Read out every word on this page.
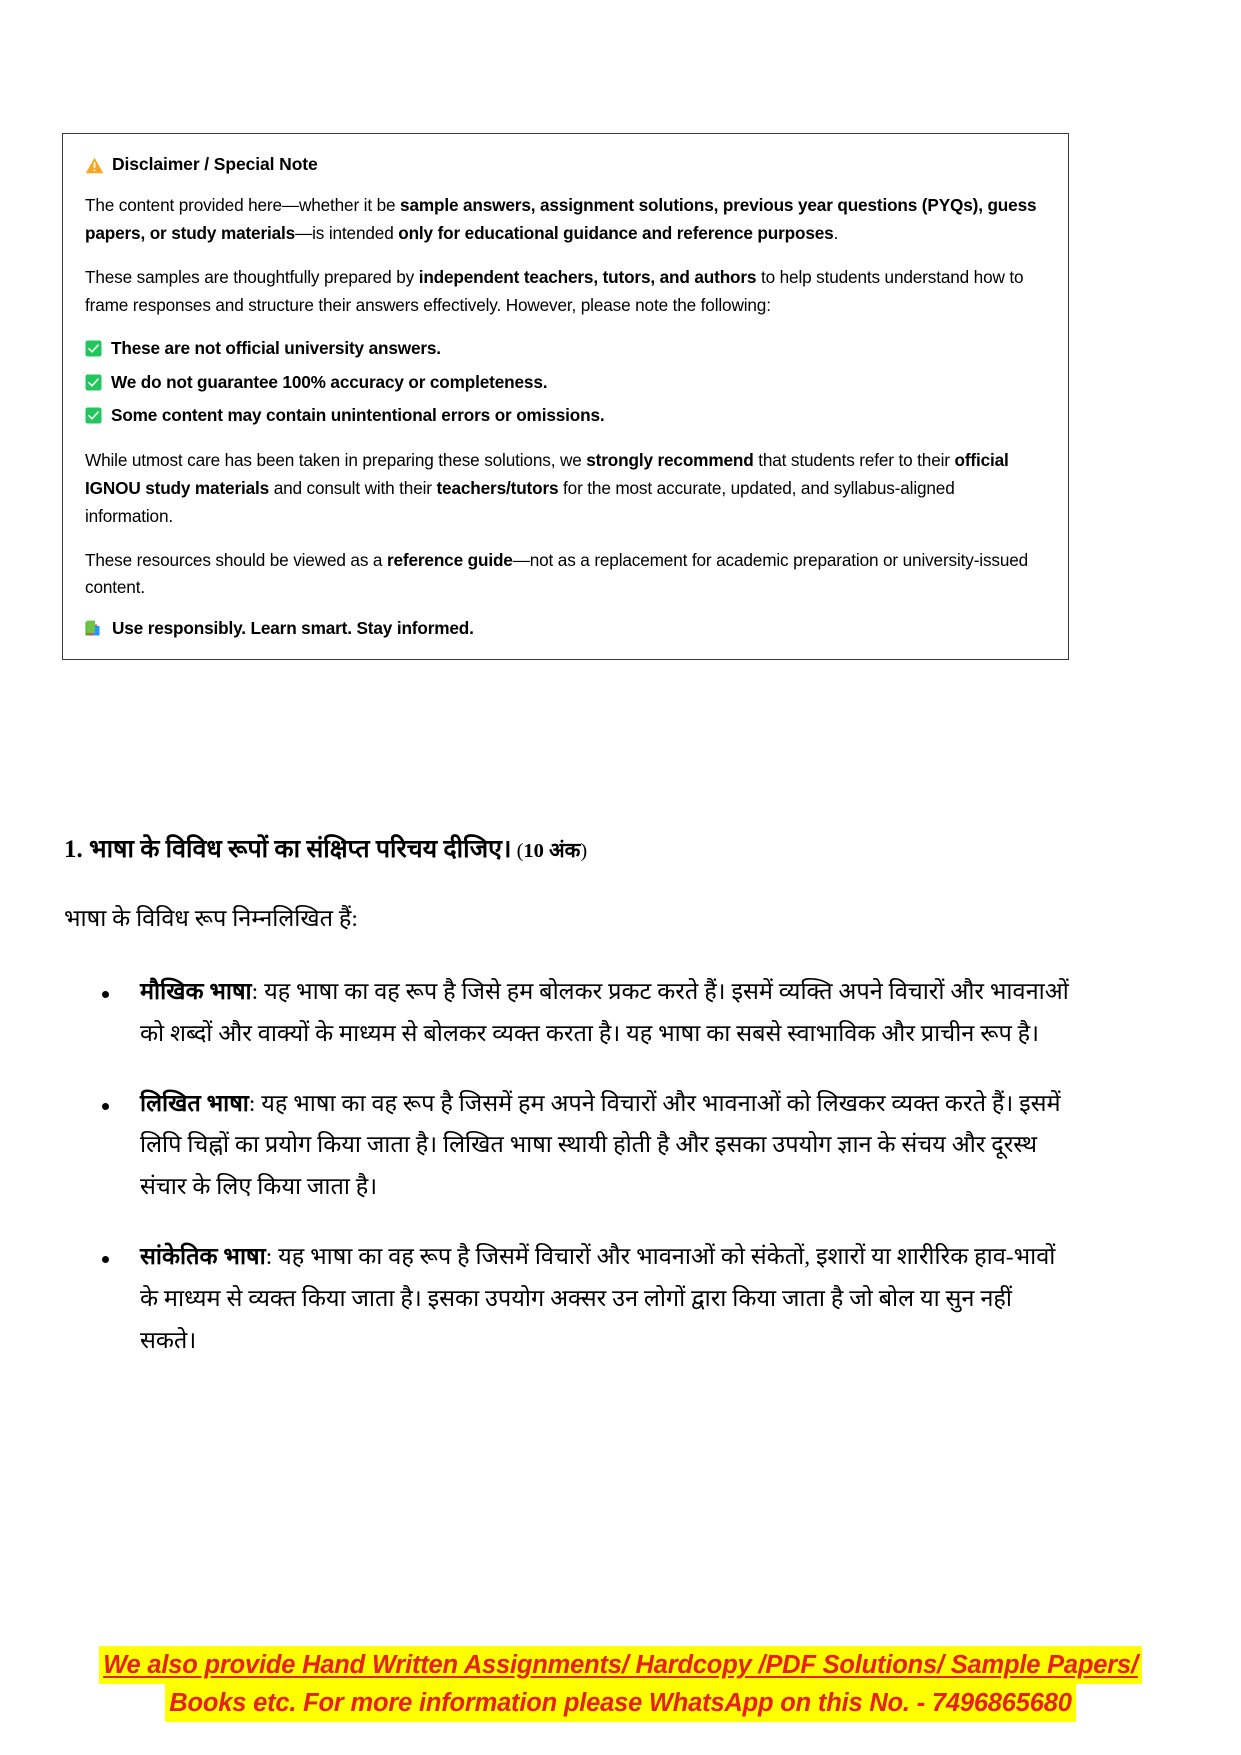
Disclaimer / Special Note

The content provided here—whether it be sample answers, assignment solutions, previous year questions (PYQs), guess papers, or study materials—is intended only for educational guidance and reference purposes.

These samples are thoughtfully prepared by independent teachers, tutors, and authors to help students understand how to frame responses and structure their answers effectively. However, please note the following:

These are not official university answers.
We do not guarantee 100% accuracy or completeness.
Some content may contain unintentional errors or omissions.

While utmost care has been taken in preparing these solutions, we strongly recommend that students refer to their official IGNOU study materials and consult with their teachers/tutors for the most accurate, updated, and syllabus-aligned information.

These resources should be viewed as a reference guide—not as a replacement for academic preparation or university-issued content.

Use responsibly. Learn smart. Stay informed.
1. भाषा के विविध रूपों का संक्षिप्त परिचय दीजिए। (10 अंक)
भाषा के विविध रूप निम्नलिखित हैं:
मौखिक भाषा: यह भाषा का वह रूप है जिसे हम बोलकर प्रकट करते हैं। इसमें व्यक्ति अपने विचारों और भावनाओं को शब्दों और वाक्यों के माध्यम से बोलकर व्यक्त करता है। यह भाषा का सबसे स्वाभाविक और प्राचीन रूप है।
लिखित भाषा: यह भाषा का वह रूप है जिसमें हम अपने विचारों और भावनाओं को लिखकर व्यक्त करते हैं। इसमें लिपि चिह्नों का प्रयोग किया जाता है। लिखित भाषा स्थायी होती है और इसका उपयोग ज्ञान के संचय और दूरस्थ संचार के लिए किया जाता है।
सांकेतिक भाषा: यह भाषा का वह रूप है जिसमें विचारों और भावनाओं को संकेतों, इशारों या शारीरिक हाव-भावों के माध्यम से व्यक्त किया जाता है। इसका उपयोग अक्सर उन लोगों द्वारा किया जाता है जो बोल या सुन नहीं सकते।
We also provide Hand Written Assignments/ Hardcopy /PDF Solutions/ Sample Papers/
Books etc. For more information please WhatsApp on this No. - 7496865680
